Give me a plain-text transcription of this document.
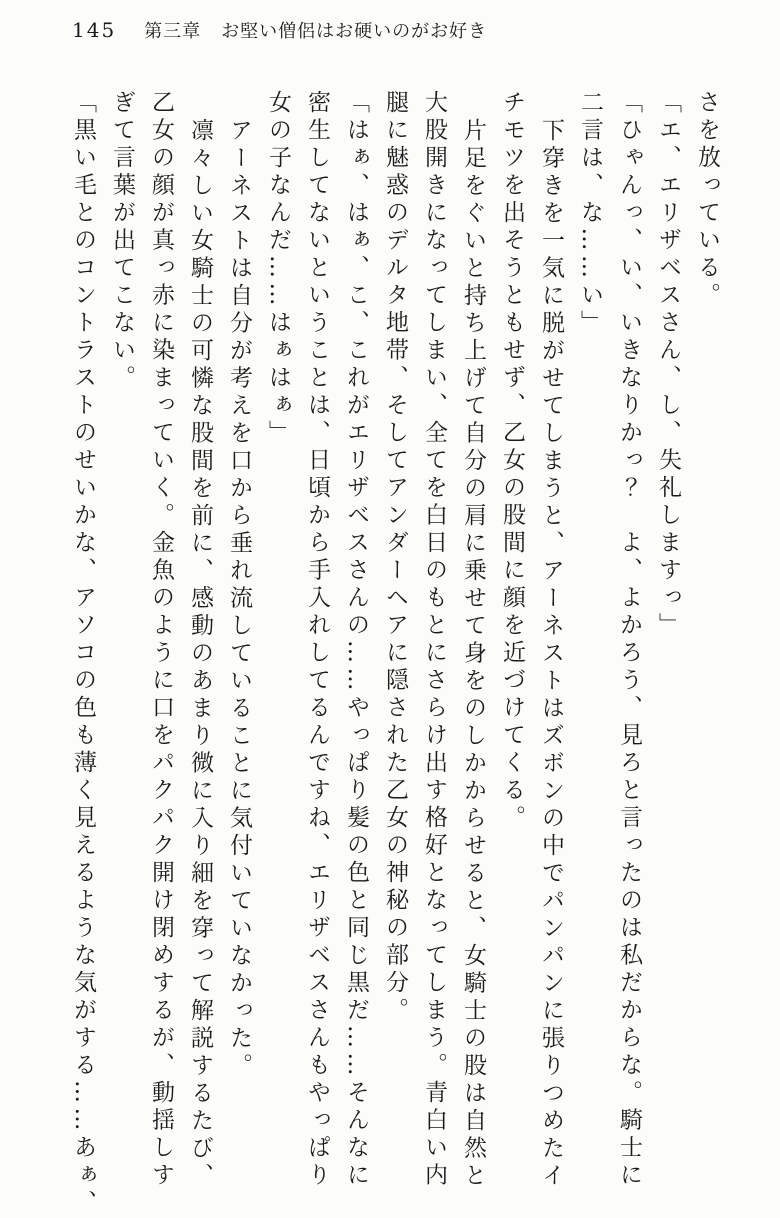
145 第三章 お堅い僧侶はお硬いのがお好き
さを放っている。
「エ、エリザベスさん、し、失礼しますっ」
「ひゃんっ、い、いきなりかっ？　よ、よかろう、見ろと言ったのは私だからな。騎士に
二言は、な……い」
下穿きを一気に脱がせてしまうと、アーネストはズボンの中でパンパンに張りつめたイ
チモツを出そうともせず、乙女の股間に顔を近づけてくる。
片足をぐいと持ち上げて自分の肩に乗せて身をのしかからせると、女騎士の股は自然と
大股開きになってしまい、全てを白日のもとにさらけ出す格好となってしまう。青白い内
腿に魅惑のデルタ地帯、そしてアンダーヘアに隠された乙女の神秘の部分。
「はぁ、はぁ、こ、これがエリザベスさんの……やっぱり髪の色と同じ黒だ……そんなに
密生してないということは、日頃から手入れしてるんですね、エリザベスさんもやっぱり
女の子なんだ……はぁはぁ」
アーネストは自分が考えを口から垂れ流していることに気付いていなかった。
凛々しい女騎士の可憐な股間を前に、感動のあまり微に入り細を穿って解説するたび、
乙女の顔が真っ赤に染まっていく。金魚のように口をパクパク開け閉めするが、動揺しす
ぎて言葉が出てこない。
「黒い毛とのコントラストのせいかな、アソコの色も薄く見えるような気がする……あぁ、
